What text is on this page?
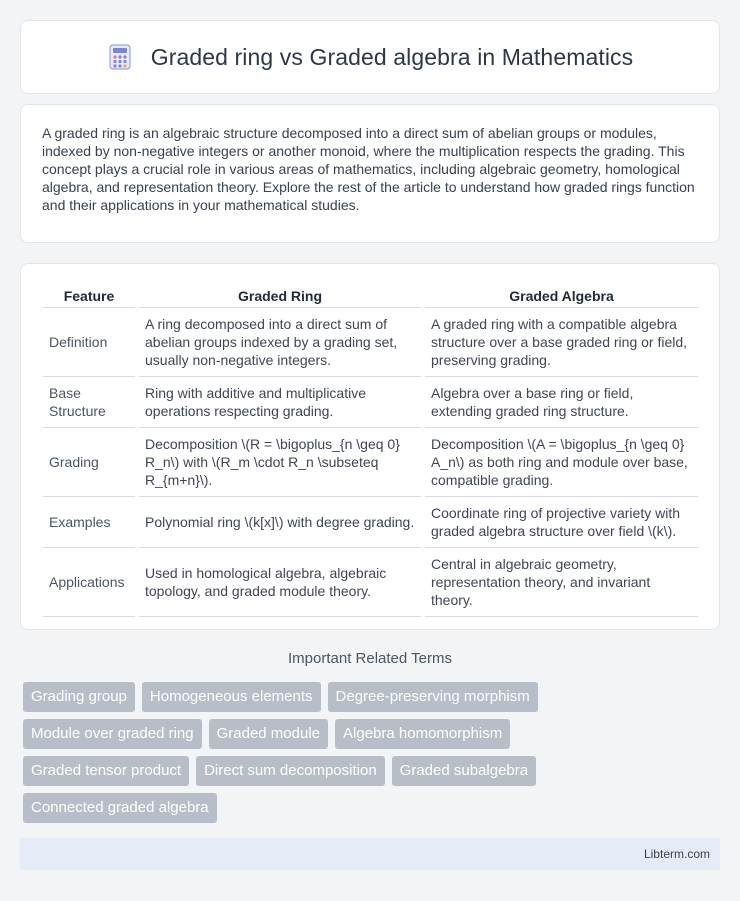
Graded ring vs Graded algebra in Mathematics

A graded ring is an algebraic structure decomposed into a direct sum of abelian groups or modules, indexed by non-negative integers or another monoid, where the multiplication respects the grading. This concept plays a crucial role in various areas of mathematics, including algebraic geometry, homological algebra, and representation theory. Explore the rest of the article to understand how graded rings function and their applications in your mathematical studies.

Feature		Graded Ring		Graded Algebra
Definition		A ring decomposed into a direct sum of abelian groups indexed by a grading set, usually non-negative integers.		A graded ring with a compatible algebra structure over a base graded ring or field, preserving grading.
Base Structure		Ring with additive and multiplicative operations respecting grading.		Algebra over a base ring or field, extending graded ring structure.
Grading		Decomposition \(R = \bigoplus_{n \geq 0} R_n\) with \(R_m \cdot R_n \subseteq R_{m+n}\).		Decomposition \(A = \bigoplus_{n \geq 0} A_n\) as both ring and module over base, compatible grading.
Examples		Polynomial ring \(k[x]\) with degree grading.		Coordinate ring of projective variety with graded algebra structure over field \(k\).
Applications		Used in homological algebra, algebraic topology, and graded module theory.		Central in algebraic geometry, representation theory, and invariant theory.
Important Related Terms
Grading group	Homogeneous elements	Degree-preserving morphism
Module over graded ring	Graded module	Algebra homomorphism
Graded tensor product	Direct sum decomposition	Graded subalgebra
Connected graded algebra
Libterm.com
